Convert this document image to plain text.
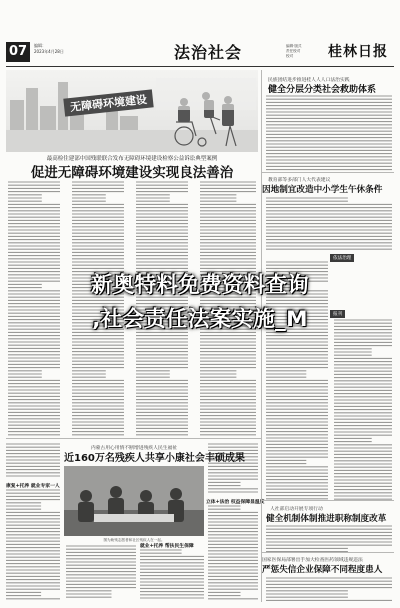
07	编辑：
2023年4月28日	法治社会	编辑·版式
责任校对
校对	桂林日报
无障碍环境建设
最高检住建部中国残联联合发布无障碍环境建设检察公益诉讼典型案例
促进无障碍环境建设实现良法善治
民族团结进步推进桂人人人口法治实践
健全分层分类社会救助体系
教育部等多部门人大代表建议
因地制宜改造中小学生午休条件
依法治理
报刊
人社部启动开展专项行动
健全机制体制推进职称制度改革
国家医保局部署出手加大检查医药领域违规违法
严惩失信企业保障不同程度患人
内蒙古用心用情不断增进残疾人民生福祉
近160万名残疾人共享小康社会丰硕成果
图为助残志愿者和社区残疾人在一起。
康复+托养 就业专家一人
就业+托养 帮扶民生保障
立体+法治 权益保障显温度
新奥特料免费资料查询
,社会责任法案实施_M
